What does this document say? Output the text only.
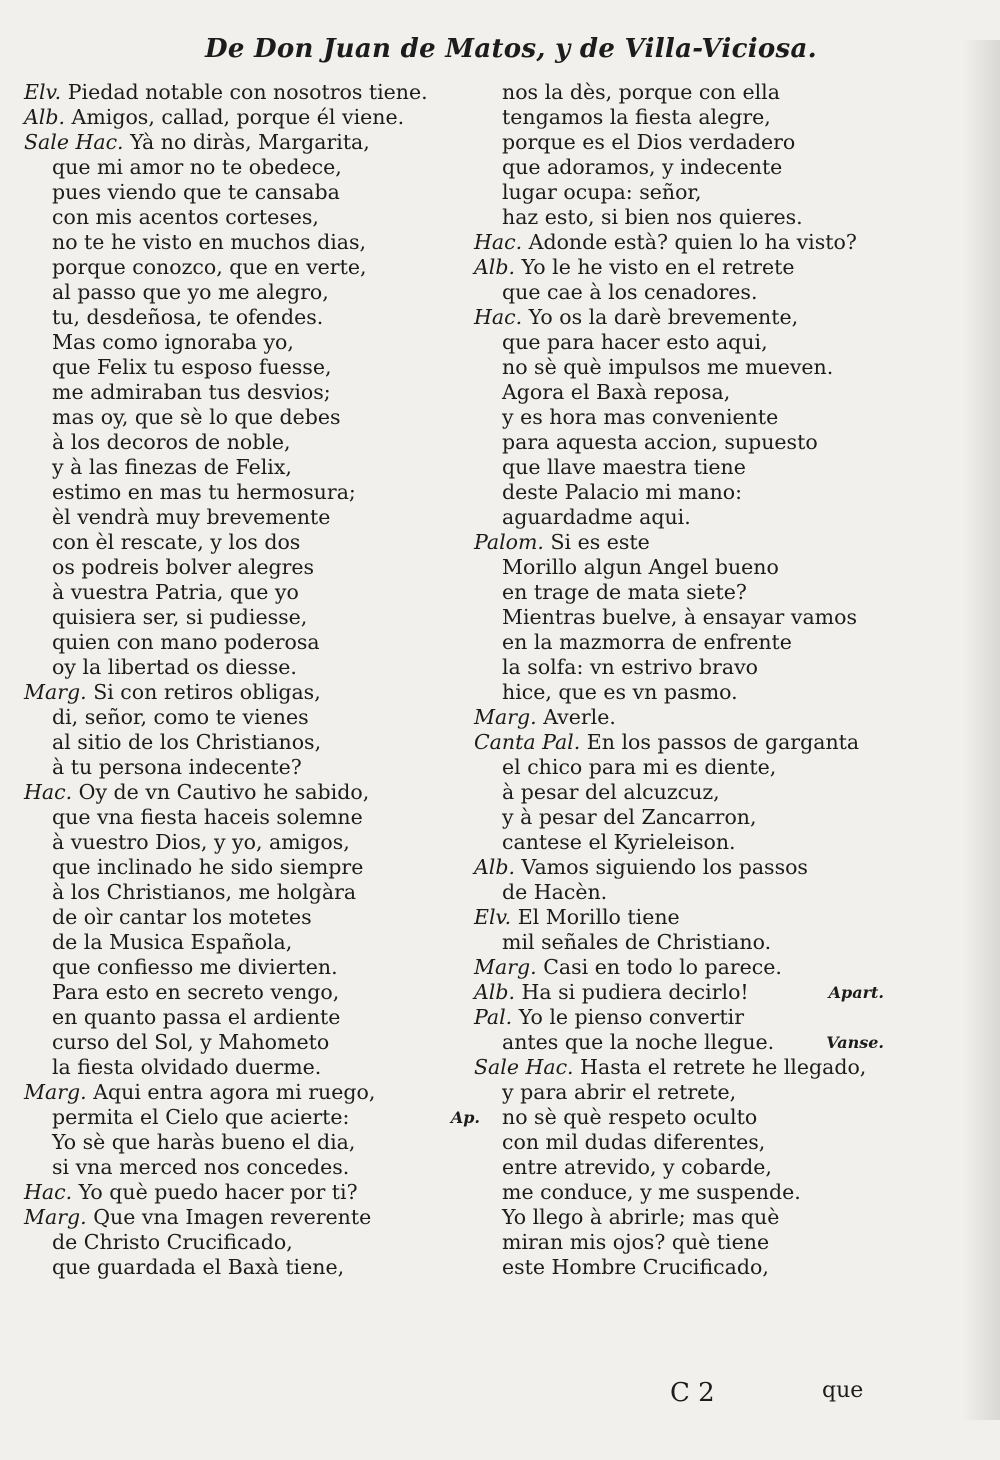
De Don Juan de Matos, y de Villa-Viciosa.
Elv. Piedad notable con nosotros tiene.
Alb. Amigos, callad, porque él viene.
Sale Hac. Yà no diràs, Margarita,
que mi amor no te obedece,
pues viendo que te cansaba
con mis acentos corteses,
no te he visto en muchos dias,
porque conozco, que en verte,
al passo que yo me alegro,
tu, desdeñosa, te ofendes.
Mas como ignoraba yo,
que Felix tu esposo fuesse,
me admiraban tus desvios;
mas oy, que sè lo que debes
à los decoros de noble,
y à las finezas de Felix,
estimo en mas tu hermosura;
èl vendrà muy brevemente
con èl rescate, y los dos
os podreis bolver alegres
à vuestra Patria, que yo
quisiera ser, si pudiesse,
quien con mano poderosa
oy la libertad os diesse.
Marg. Si con retiros obligas,
di, señor, como te vienes
al sitio de los Christianos,
à tu persona indecente?
Hac. Oy de vn Cautivo he sabido,
que vna fiesta haceis solemne
à vuestro Dios, y yo, amigos,
que inclinado he sido siempre
à los Christianos, me holgàra
de oìr cantar los motetes
de la Musica Española,
que confiesso me divierten.
Para esto en secreto vengo,
en quanto passa el ardiente
curso del Sol, y Mahometo
la fiesta olvidado duerme.
Marg. Aqui entra agora mi ruego,
permita el Cielo que acierte:	Ap.
Yo sè que haràs bueno el dia,
si vna merced nos concedes.
Hac. Yo què puedo hacer por ti?
Marg. Que vna Imagen reverente
de Christo Crucificado,
que guardada el Baxà tiene,
nos la dès, porque con ella
tengamos la fiesta alegre,
porque es el Dios verdadero
que adoramos, y indecente
lugar ocupa: señor,
haz esto, si bien nos quieres.
Hac. Adonde està? quien lo ha visto?
Alb. Yo le he visto en el retrete
que cae à los cenadores.
Hac. Yo os la darè brevemente,
que para hacer esto aqui,
no sè què impulsos me mueven.
Agora el Baxà reposa,
y es hora mas conveniente
para aquesta accion, supuesto
que llave maestra tiene
deste Palacio mi mano:
aguardadme aqui.
Palom. Si es este
Morillo algun Angel bueno
en trage de mata siete?
Mientras buelve, à ensayar vamos
en la mazmorra de enfrente
la solfa: vn estrivo bravo
hice, que es vn pasmo.
Marg. Averle.
Canta Pal. En los passos de garganta
el chico para mi es diente,
à pesar del alcuzcuz,
y à pesar del Zancarron,
cantese el Kyrieleison.
Alb. Vamos siguiendo los passos
de Hacèn.
Elv. El Morillo tiene
mil señales de Christiano.
Marg. Casi en todo lo parece.
Alb. Ha si pudiera decirlo!	Apart.
Pal. Yo le pienso convertir
antes que la noche llegue.	Vanse.
Sale Hac. Hasta el retrete he llegado,
y para abrir el retrete,
no sè què respeto oculto
con mil dudas diferentes,
entre atrevido, y cobarde,
me conduce, y me suspende.
Yo llego à abrirle; mas què
miran mis ojos? què tiene
este Hombre Crucificado,
C 2	que
